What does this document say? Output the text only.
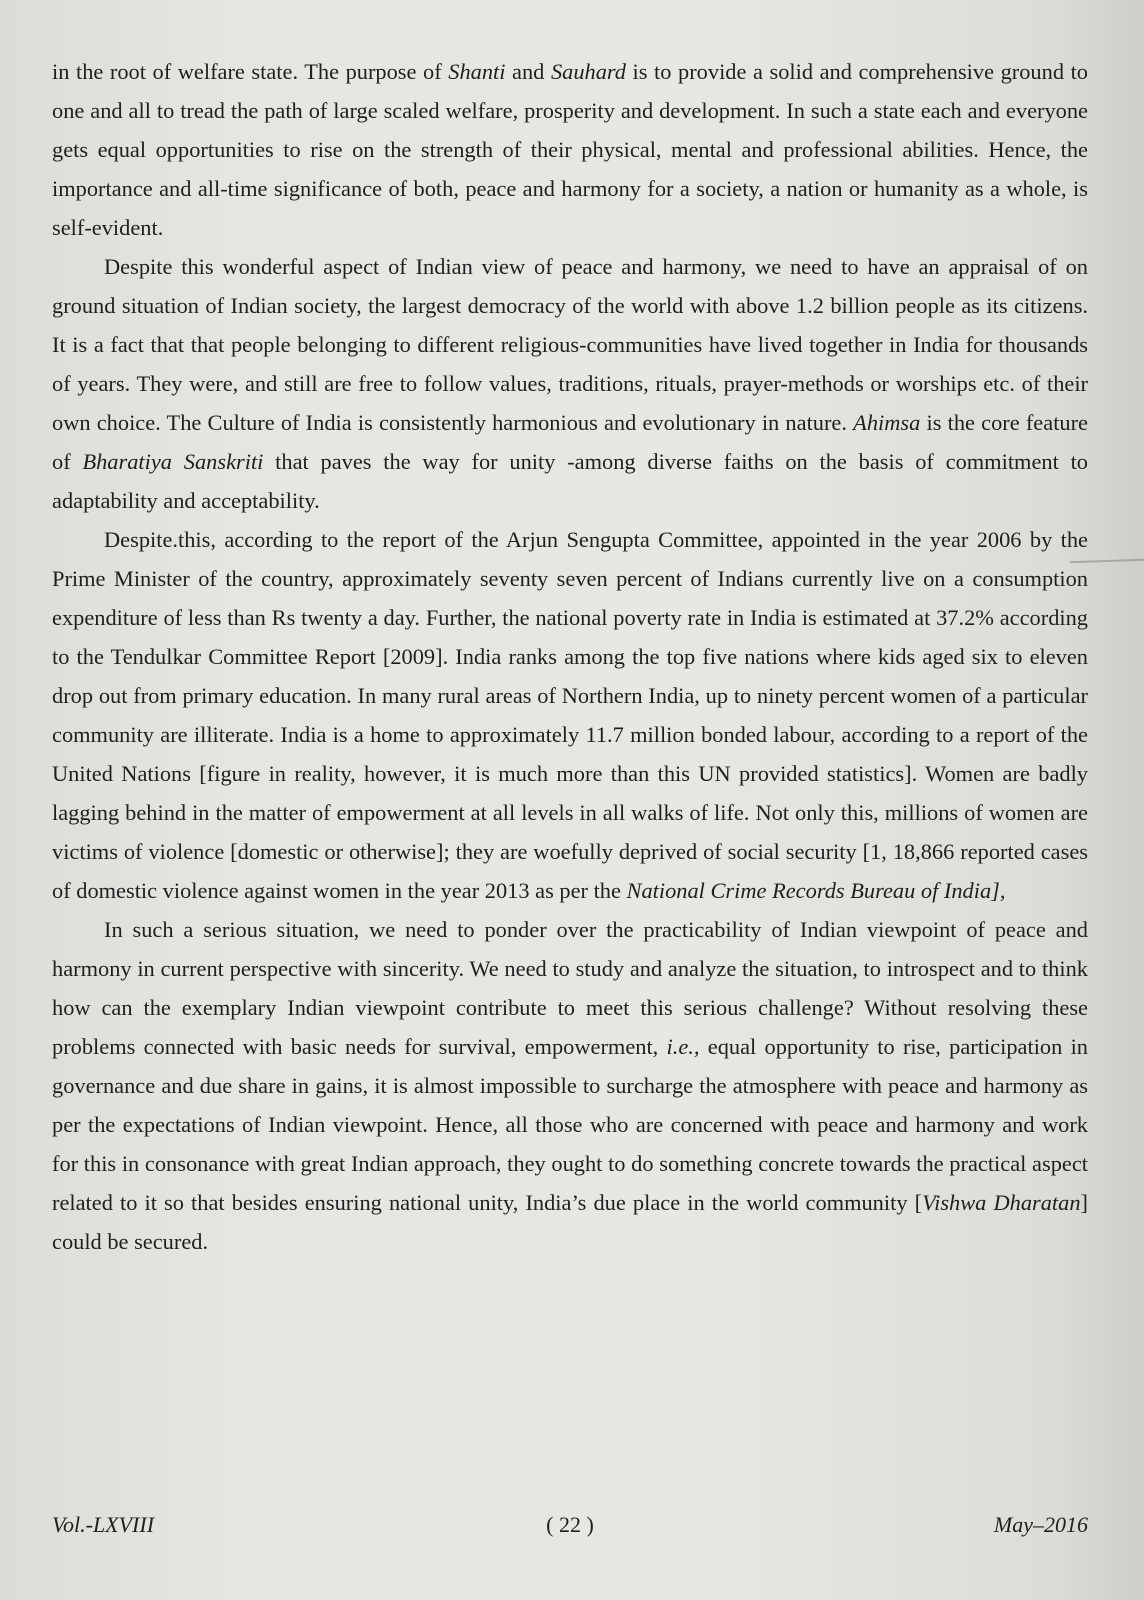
in the root of welfare state. The purpose of Shanti and Sauhard is to provide a solid and comprehensive ground to one and all to tread the path of large scaled welfare, prosperity and development. In such a state each and everyone gets equal opportunities to rise on the strength of their physical, mental and professional abilities. Hence, the importance and all-time significance of both, peace and harmony for a society, a nation or humanity as a whole, is self-evident.

Despite this wonderful aspect of Indian view of peace and harmony, we need to have an appraisal of on ground situation of Indian society, the largest democracy of the world with above 1.2 billion people as its citizens. It is a fact that that people belonging to different religious-communities have lived together in India for thousands of years. They were, and still are free to follow values, traditions, rituals, prayer-methods or worships etc. of their own choice. The Culture of India is consistently harmonious and evolutionary in nature. Ahimsa is the core feature of Bharatiya Sanskriti that paves the way for unity -among diverse faiths on the basis of commitment to adaptability and acceptability.

Despite.this, according to the report of the Arjun Sengupta Committee, appointed in the year 2006 by the Prime Minister of the country, approximately seventy seven percent of Indians currently live on a consumption expenditure of less than Rs twenty a day. Further, the national poverty rate in India is estimated at 37.2% according to the Tendulkar Committee Report [2009]. India ranks among the top five nations where kids aged six to eleven drop out from primary education. In many rural areas of Northern India, up to ninety percent women of a particular community are illiterate. India is a home to approximately 11.7 million bonded labour, according to a report of the United Nations [figure in reality, however, it is much more than this UN provided statistics]. Women are badly lagging behind in the matter of empowerment at all levels in all walks of life. Not only this, millions of women are victims of violence [domestic or otherwise]; they are woefully deprived of social security [1, 18,866 reported cases of domestic violence against women in the year 2013 as per the National Crime Records Bureau of India],

In such a serious situation, we need to ponder over the practicability of Indian viewpoint of peace and harmony in current perspective with sincerity. We need to study and analyze the situation, to introspect and to think how can the exemplary Indian viewpoint contribute to meet this serious challenge? Without resolving these problems connected with basic needs for survival, empowerment, i.e., equal opportunity to rise, participation in governance and due share in gains, it is almost impossible to surcharge the atmosphere with peace and harmony as per the expectations of Indian viewpoint. Hence, all those who are concerned with peace and harmony and work for this in consonance with great Indian approach, they ought to do something concrete towards the practical aspect related to it so that besides ensuring national unity, India’s due place in the world community [Vishwa Dharatan] could be secured.

Vol.-LXVIII	( 22 )	May–2016
